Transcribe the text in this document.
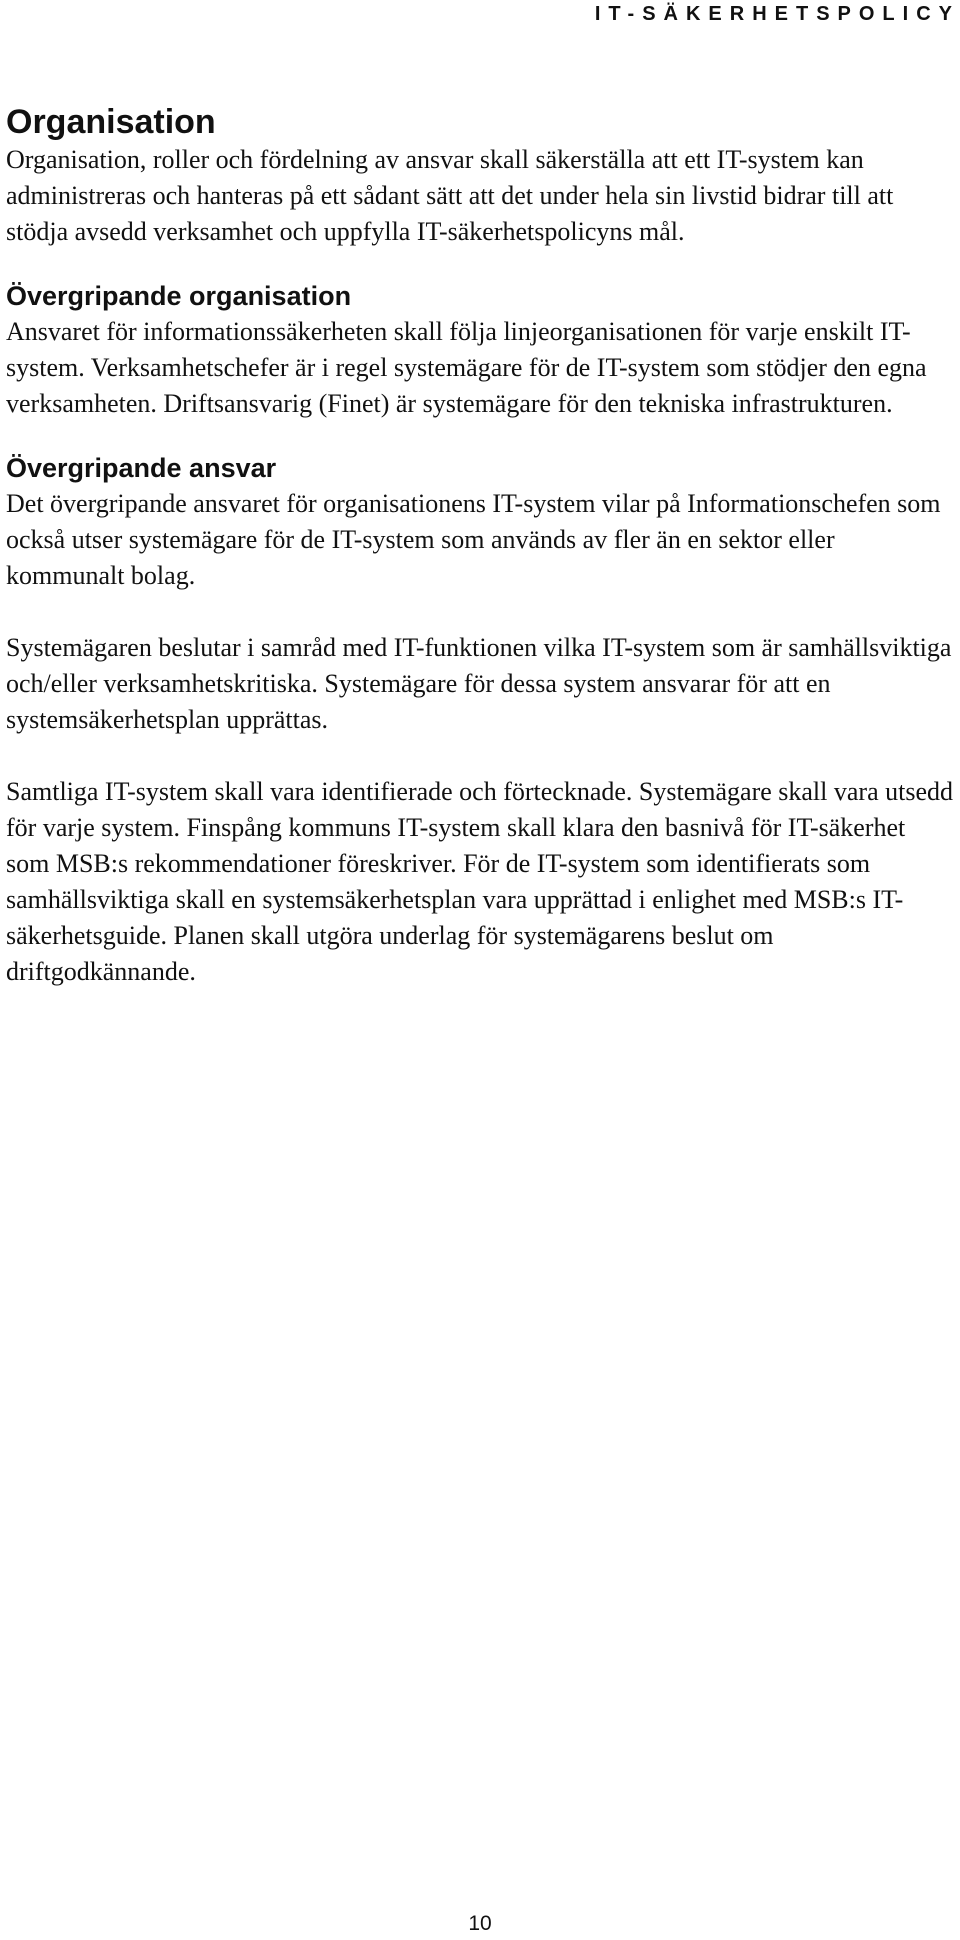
IT-SÄKERHETSPOLICY
Organisation

Organisation, roller och fördelning av ansvar skall säkerställa att ett IT-system kan administreras och hanteras på ett sådant sätt att det under hela sin livstid bidrar till att stödja avsedd verksamhet och uppfylla IT-säkerhetspolicyns mål.

Övergripande organisation

Ansvaret för informationssäkerheten skall följa linjeorganisationen för varje enskilt IT-system. Verksamhetschefer är i regel systemägare för de IT-system som stödjer den egna verksamheten. Driftsansvarig (Finet) är systemägare för den tekniska infrastrukturen.

Övergripande ansvar

Det övergripande ansvaret för organisationens IT-system vilar på Informationschefen som också utser systemägare för de IT-system som används av fler än en sektor eller kommunalt bolag.

Systemägaren beslutar i samråd med IT-funktionen vilka IT-system som är samhällsviktiga och/eller verksamhetskritiska. Systemägare för dessa system ansvarar för att en systemsäkerhetsplan upprättas.

Samtliga IT-system skall vara identifierade och förtecknade. Systemägare skall vara utsedd för varje system. Finspång kommuns IT-system skall klara den basnivå för IT-säkerhet som MSB:s rekommendationer föreskriver. För de IT-system som identifierats som samhällsviktiga skall en systemsäkerhetsplan vara upprättad i enlighet med MSB:s IT-säkerhetsguide. Planen skall utgöra underlag för systemägarens beslut om driftgodkännande.

10
